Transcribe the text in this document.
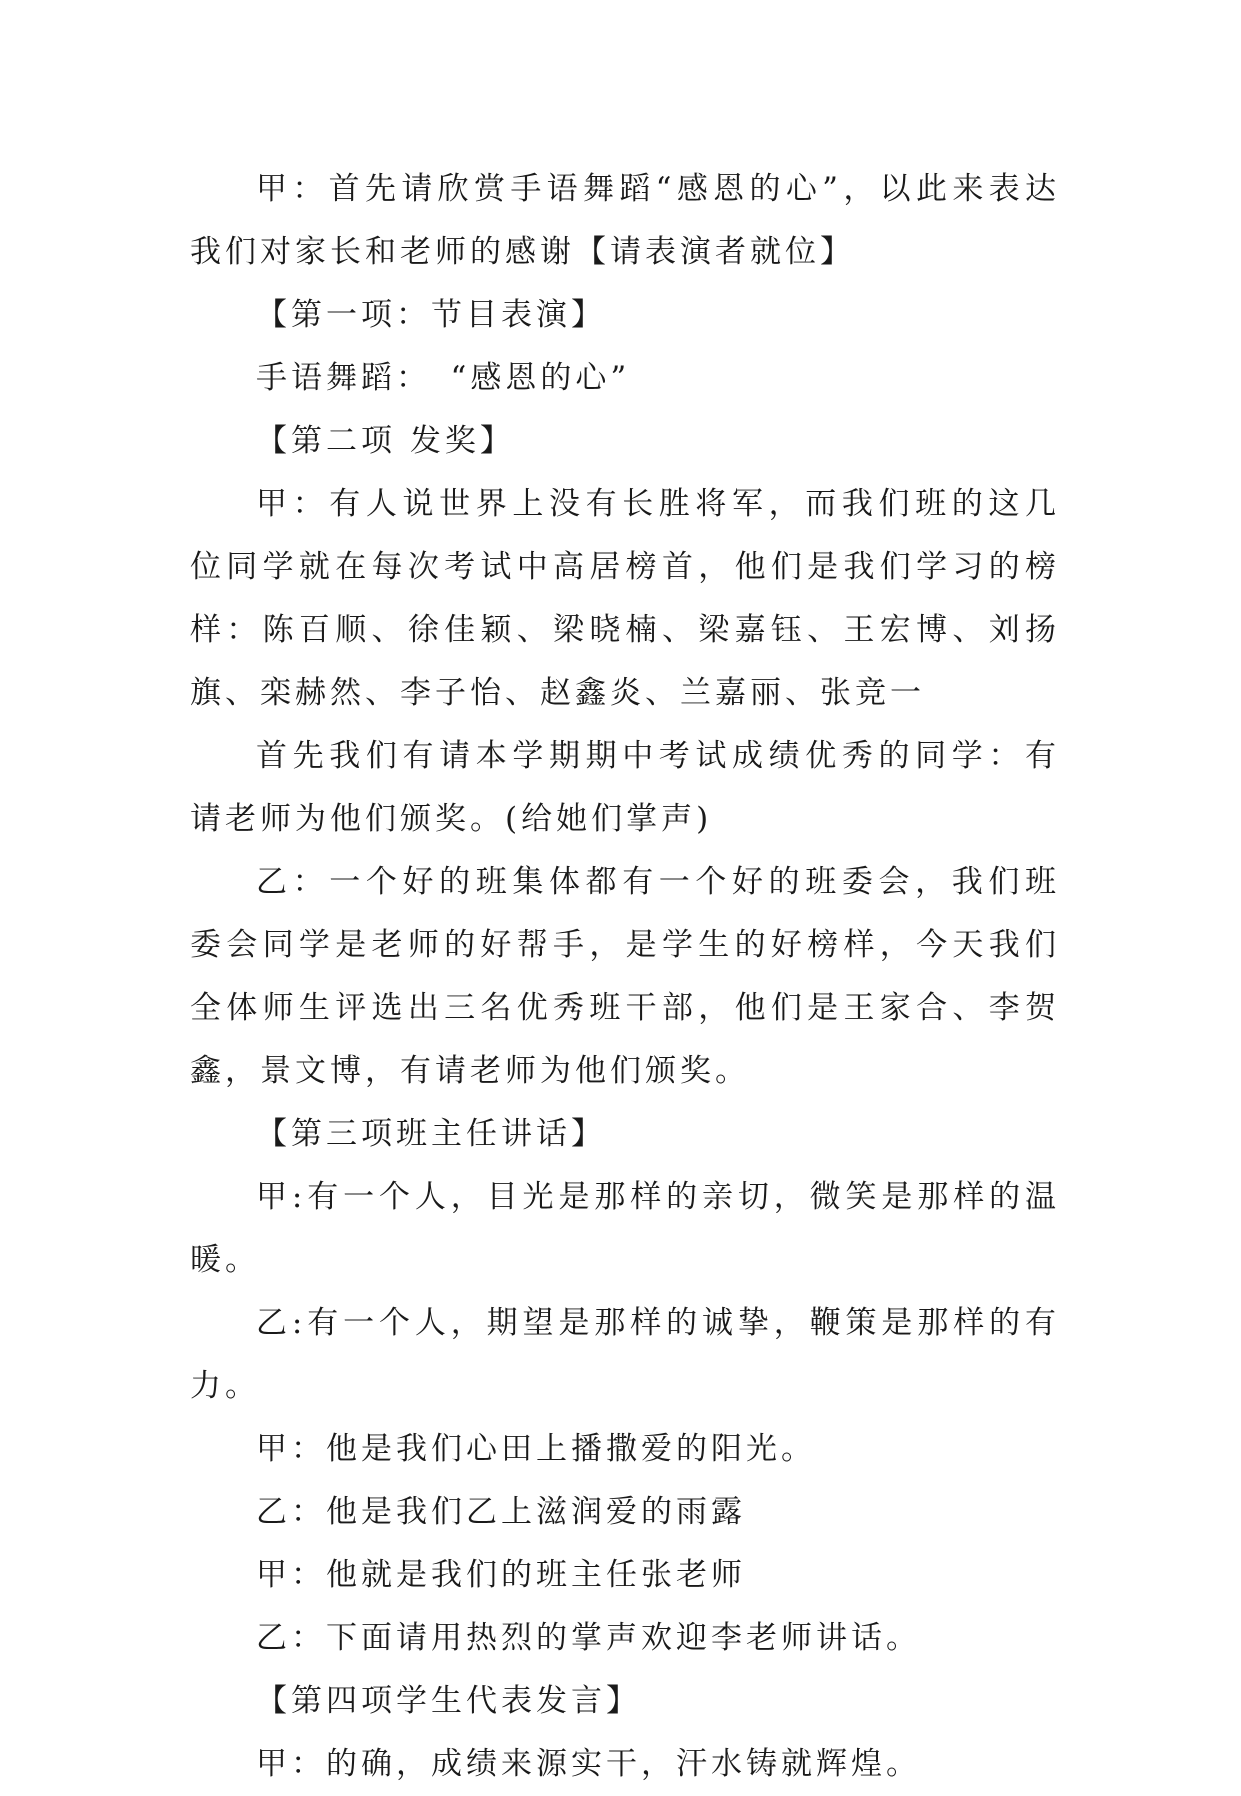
甲：首先请欣赏手语舞蹈“感恩的心”，以此来表达我们对家长和老师的感谢【请表演者就位】

【第一项：节目表演】

手语舞蹈：　“感恩的心”

【第二项 发奖】

甲：有人说世界上没有长胜将军，而我们班的这几位同学就在每次考试中高居榜首，他们是我们学习的榜样：陈百顺、徐佳颖、梁晓楠、梁嘉钰、王宏博、刘扬旗、栾赫然、李子怡、赵鑫炎、兰嘉丽、张竞一

首先我们有请本学期期中考试成绩优秀的同学：有请老师为他们颁奖。(给她们掌声)

乙：一个好的班集体都有一个好的班委会，我们班委会同学是老师的好帮手，是学生的好榜样，今天我们全体师生评选出三名优秀班干部，他们是王家合、李贺鑫，景文博，有请老师为他们颁奖。

【第三项班主任讲话】

甲:有一个人，目光是那样的亲切，微笑是那样的温暖。

乙:有一个人，期望是那样的诚挚，鞭策是那样的有力。

甲：他是我们心田上播撒爱的阳光。

乙：他是我们乙上滋润爱的雨露

甲：他就是我们的班主任张老师

乙：下面请用热烈的掌声欢迎李老师讲话。

【第四项学生代表发言】

甲：的确，成绩来源实干，汗水铸就辉煌。
